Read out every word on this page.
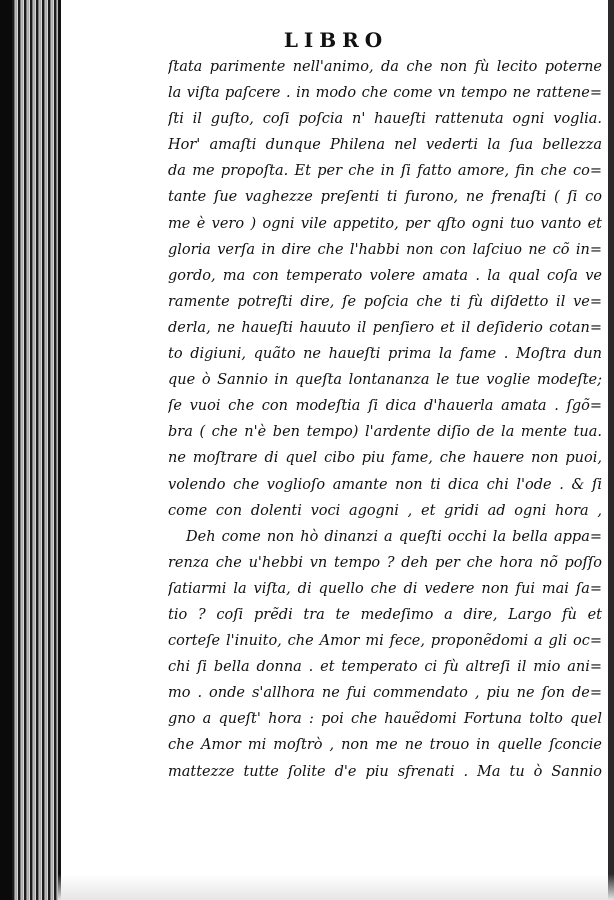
LIBRO
ſtata parimente nell'animo, da che non fù lecito poterne
la viſta paſcere . in modo che come vn tempo ne rattene=
ſti il guſto, coſi poſcia n' haueſti rattenuta ogni voglia.
Hor' amaſti dunque Philena nel vederti la ſua bellezza
da me propoſta. Et per che in ſi fatto amore, fin che co=
tante ſue vaghezze preſenti ti furono, ne frenaſti ( ſi co
me è vero ) ogni vile appetito, per qſto ogni tuo vanto et
gloria verſa in dire che l'habbi non con laſciuo ne cõ in=
gordo, ma con temperato volere amata . la qual coſa ve
ramente potreſti dire, ſe poſcia che ti fù diſdetto il ve=
derla, ne haueſti hauuto il penſiero et il deſiderio cotan=
to digiuni, quãto ne haueſti prima la fame . Moſtra dun
que ò Sannio in queſta lontananza le tue voglie modeſte;
ſe vuoi che con modeſtia ſi dica d'hauerla amata . ſgõ=
bra ( che n'è ben tempo) l'ardente diſio de la mente tua.
ne moſtrare di quel cibo piu fame, che hauere non puoi,
volendo che voglioſo amante non ti dica chi l'ode . & ſi
come con dolenti voci agogni , et gridi ad ogni hora ,
Deh come non hò dinanzi a queſti occhi la bella appa=
renza che u'hebbi vn tempo ? deh per che hora nõ poſſo
ſatiarmi la viſta, di quello che di vedere non fui mai ſa=
tio ? coſi prẽdi tra te medeſimo a dire, Largo fù et
corteſe l'inuito, che Amor mi fece, proponẽdomi a gli oc=
chi ſi bella donna . et temperato ci fù altreſi il mio ani=
mo . onde s'allhora ne fui commendato , piu ne ſon de=
gno a queſt' hora : poi che hauẽdomi Fortuna tolto quel
che Amor mi moſtrò , non me ne trouo in quelle ſconcie
mattezze tutte ſolite d'e piu sfrenati . Ma tu ò Sannio
